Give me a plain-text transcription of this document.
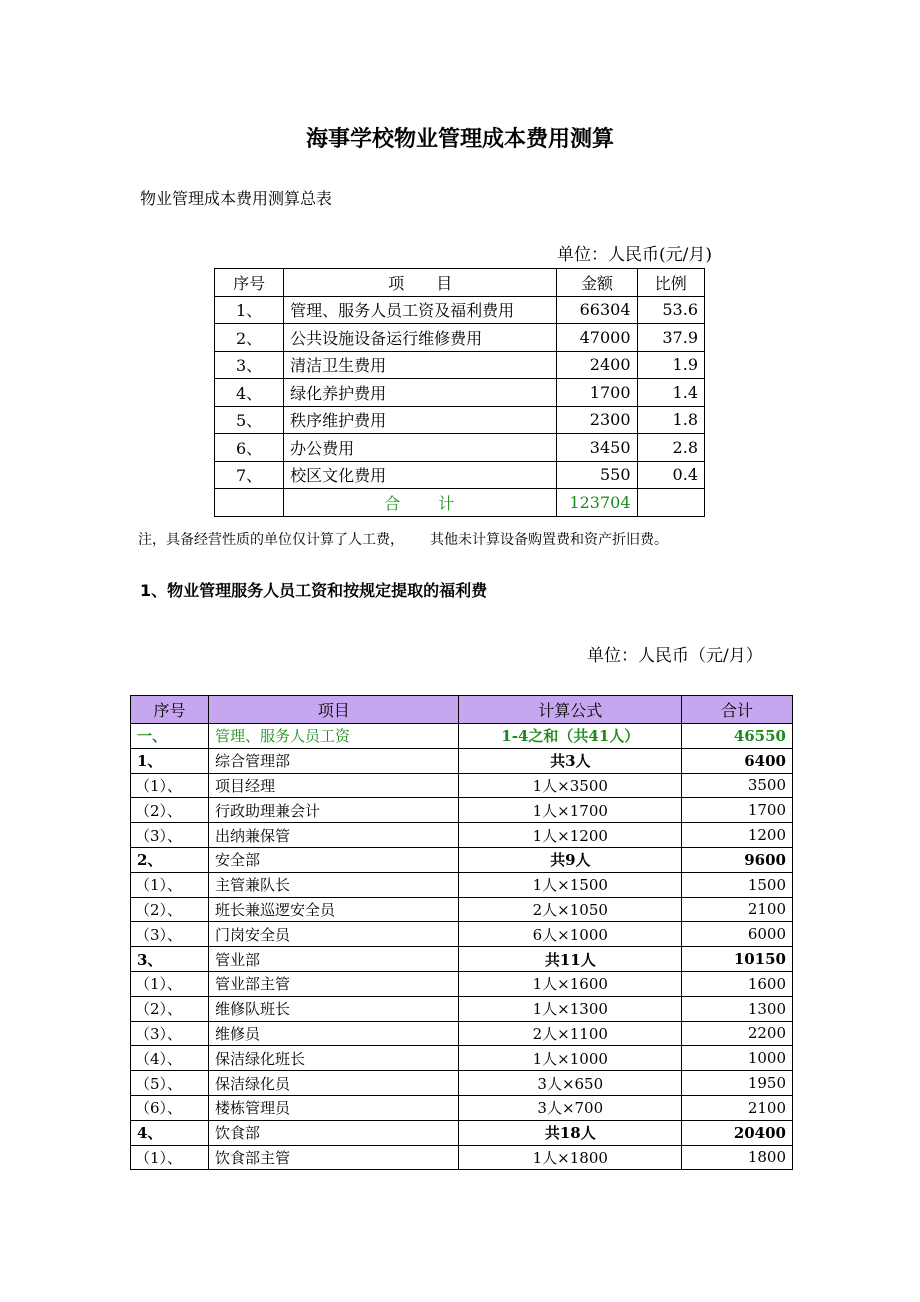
海事学校物业管理成本费用测算
物业管理成本费用测算总表
单位：人民币(元/月)
序号	项　　目	金额	比例
1、	管理、服务人员工资及福利费用	66304	53.6
2、	公共设施设备运行维修费用	47000	37.9
3、	清洁卫生费用	2400	1.9
4、	绿化养护费用	1700	1.4
5、	秩序维护费用	2300	1.8
6、	办公费用	3450	2.8
7、	校区文化费用	550	0.4
	合　　计	123704	
注，具备经营性质的单位仅计算了人工费， 其他未计算设备购置费和资产折旧费。
1、物业管理服务人员工资和按规定提取的福利费
单位：人民币（元/月）
序号	项目	计算公式	合计
一、	管理、服务人员工资	1-4之和（共41人）	46550
1、	综合管理部	共3人	6400
（1）、	项目经理	1人×3500	3500
（2）、	行政助理兼会计	1人×1700	1700
（3）、	出纳兼保管	1人×1200	1200
2、	安全部	共9人	9600
（1）、	主管兼队长	1人×1500	1500
（2）、	班长兼巡逻安全员	2人×1050	2100
（3）、	门岗安全员	6人×1000	6000
3、	管业部	共11人	10150
（1）、	管业部主管	1人×1600	1600
（2）、	维修队班长	1人×1300	1300
（3）、	维修员	2人×1100	2200
（4）、	保洁绿化班长	1人×1000	1000
（5）、	保洁绿化员	3人×650	1950
（6）、	楼栋管理员	3人×700	2100
4、	饮食部	共18人	20400
（1）、	饮食部主管	1人×1800	1800
